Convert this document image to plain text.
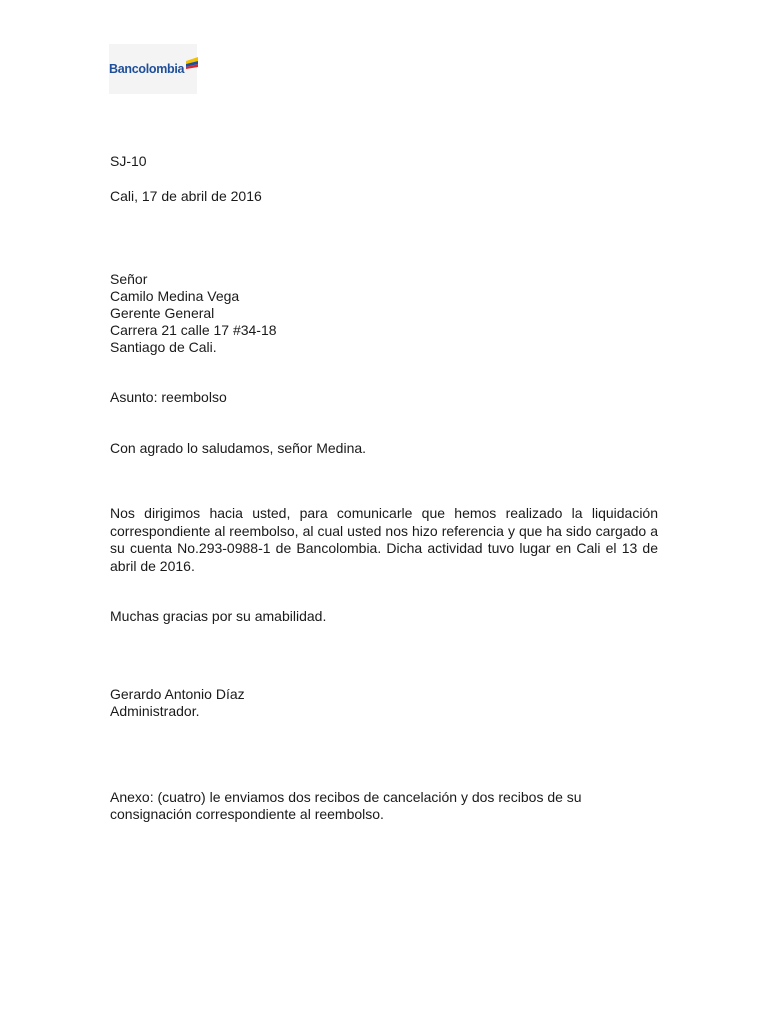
Bancolombia

SJ-10

Cali, 17 de abril de 2016

Señor
Camilo Medina Vega
Gerente General
Carrera 21 calle 17 #34-18
Santiago de Cali.

Asunto: reembolso

Con agrado lo saludamos, señor Medina.

Nos dirigimos hacia usted, para comunicarle que hemos realizado la liquidación correspondiente al reembolso, al cual usted nos hizo referencia y que ha sido cargado a su cuenta No.293-0988-1 de Bancolombia. Dicha actividad tuvo lugar en Cali el 13 de abril de 2016.

Muchas gracias por su amabilidad.

Gerardo Antonio Díaz
Administrador.

Anexo: (cuatro) le enviamos dos recibos de cancelación y dos recibos de su consignación correspondiente al reembolso.
